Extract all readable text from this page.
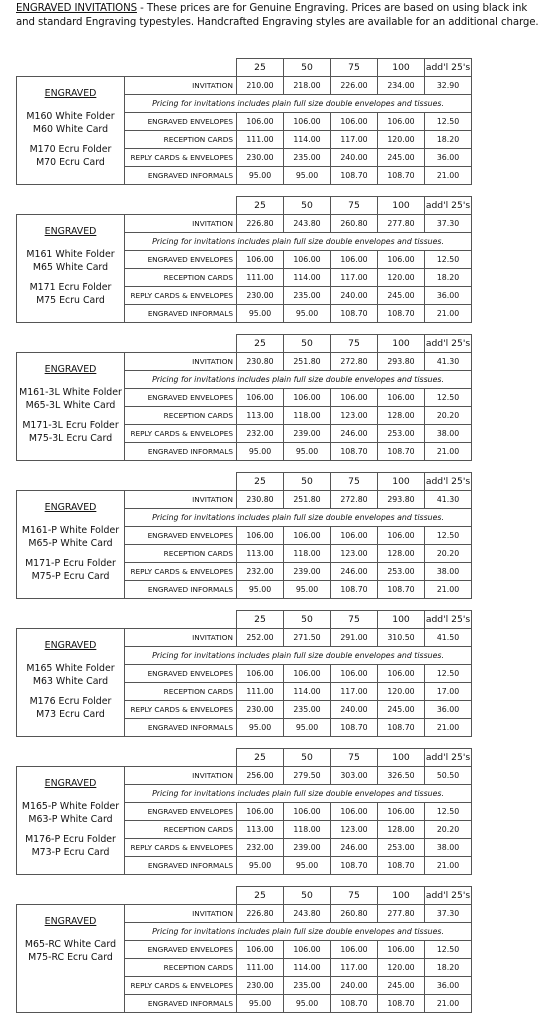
ENGRAVED INVITATIONS - These prices are for Genuine Engraving. Prices are based on using black ink and standard Engraving typestyles. Handcrafted Engraving styles are available for an additional charge.
		25	50	75	100	add'l 25's

ENGRAVED
M160 White Folder
M60 White Card
M170 Ecru Folder
M70 Ecru Card	INVITATION	210.00	218.00	226.00	234.00	32.90
	Pricing for invitations includes plain full size double envelopes and tissues.					
	ENGRAVED ENVELOPES	106.00	106.00	106.00	106.00	12.50
	RECEPTION CARDS	111.00	114.00	117.00	120.00	18.20
	REPLY CARDS & ENVELOPES	230.00	235.00	240.00	245.00	36.00
	ENGRAVED INFORMALS	95.00	95.00	108.70	108.70	21.00
		25	50	75	100	add'l 25's

ENGRAVED
M161 White Folder
M65 White Card
M171 Ecru Folder
M75 Ecru Card	INVITATION	226.80	243.80	260.80	277.80	37.30
	Pricing for invitations includes plain full size double envelopes and tissues.					
	ENGRAVED ENVELOPES	106.00	106.00	106.00	106.00	12.50
	RECEPTION CARDS	111.00	114.00	117.00	120.00	18.20
	REPLY CARDS & ENVELOPES	230.00	235.00	240.00	245.00	36.00
	ENGRAVED INFORMALS	95.00	95.00	108.70	108.70	21.00
		25	50	75	100	add'l 25's

ENGRAVED
M161-3L White Folder
M65-3L White Card
M171-3L Ecru Folder
M75-3L Ecru Card	INVITATION	230.80	251.80	272.80	293.80	41.30
	Pricing for invitations includes plain full size double envelopes and tissues.					
	ENGRAVED ENVELOPES	106.00	106.00	106.00	106.00	12.50
	RECEPTION CARDS	113.00	118.00	123.00	128.00	20.20
	REPLY CARDS & ENVELOPES	232.00	239.00	246.00	253.00	38.00
	ENGRAVED INFORMALS	95.00	95.00	108.70	108.70	21.00
		25	50	75	100	add'l 25's

ENGRAVED
M161-P White Folder
M65-P White Card
M171-P Ecru Folder
M75-P Ecru Card	INVITATION	230.80	251.80	272.80	293.80	41.30
	Pricing for invitations includes plain full size double envelopes and tissues.					
	ENGRAVED ENVELOPES	106.00	106.00	106.00	106.00	12.50
	RECEPTION CARDS	113.00	118.00	123.00	128.00	20.20
	REPLY CARDS & ENVELOPES	232.00	239.00	246.00	253.00	38.00
	ENGRAVED INFORMALS	95.00	95.00	108.70	108.70	21.00
		25	50	75	100	add'l 25's

ENGRAVED
M165 White Folder
M63 White Card
M176 Ecru Folder
M73 Ecru Card	INVITATION	252.00	271.50	291.00	310.50	41.50
	Pricing for invitations includes plain full size double envelopes and tissues.					
	ENGRAVED ENVELOPES	106.00	106.00	106.00	106.00	12.50
	RECEPTION CARDS	111.00	114.00	117.00	120.00	17.00
	REPLY CARDS & ENVELOPES	230.00	235.00	240.00	245.00	36.00
	ENGRAVED INFORMALS	95.00	95.00	108.70	108.70	21.00
		25	50	75	100	add'l 25's

ENGRAVED
M165-P White Folder
M63-P White Card
M176-P Ecru Folder
M73-P Ecru Card	INVITATION	256.00	279.50	303.00	326.50	50.50
	Pricing for invitations includes plain full size double envelopes and tissues.					
	ENGRAVED ENVELOPES	106.00	106.00	106.00	106.00	12.50
	RECEPTION CARDS	113.00	118.00	123.00	128.00	20.20
	REPLY CARDS & ENVELOPES	232.00	239.00	246.00	253.00	38.00
	ENGRAVED INFORMALS	95.00	95.00	108.70	108.70	21.00
		25	50	75	100	add'l 25's

ENGRAVED
M65-RC White Card
M75-RC Ecru Card	INVITATION	226.80	243.80	260.80	277.80	37.30
	Pricing for invitations includes plain full size double envelopes and tissues.					
	ENGRAVED ENVELOPES	106.00	106.00	106.00	106.00	12.50
	RECEPTION CARDS	111.00	114.00	117.00	120.00	18.20
	REPLY CARDS & ENVELOPES	230.00	235.00	240.00	245.00	36.00
	ENGRAVED INFORMALS	95.00	95.00	108.70	108.70	21.00
